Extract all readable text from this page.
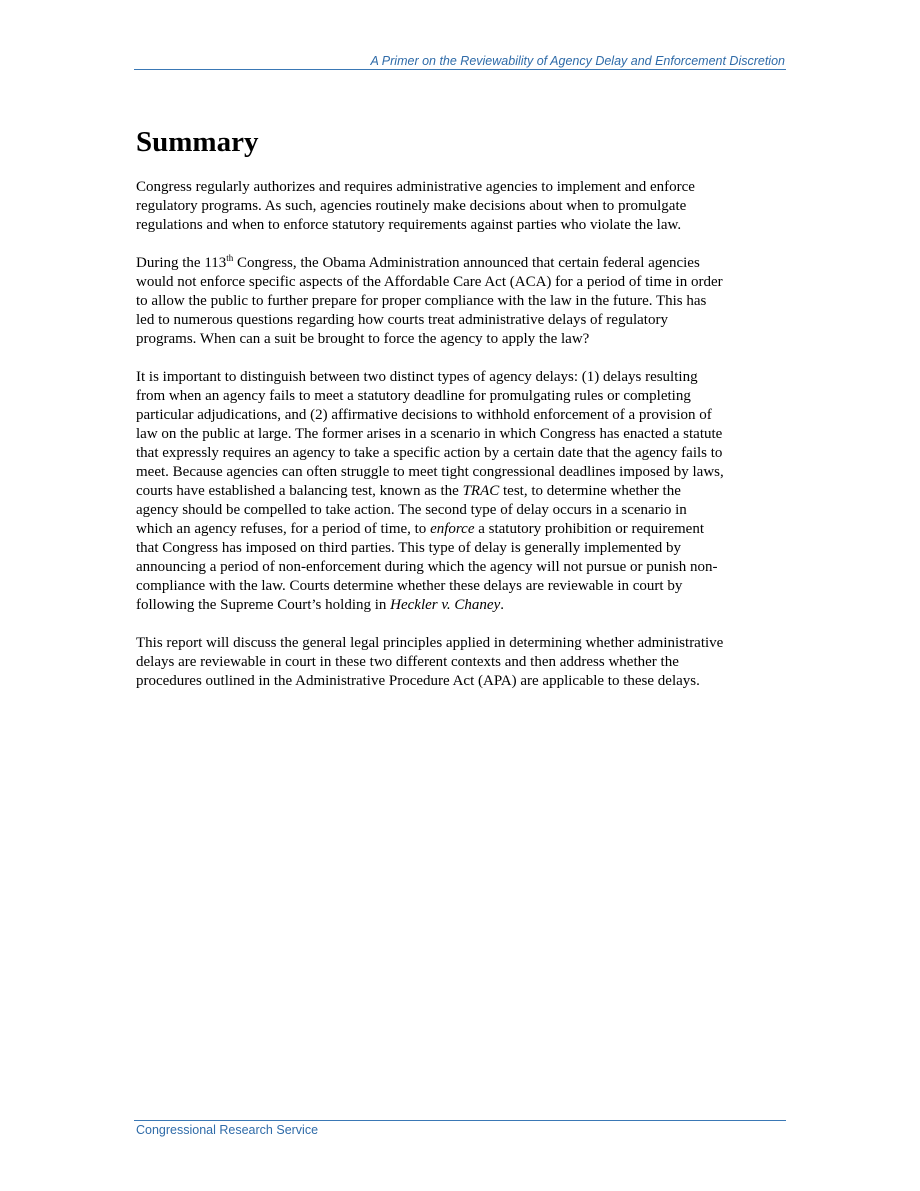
A Primer on the Reviewability of Agency Delay and Enforcement Discretion
Summary

Congress regularly authorizes and requires administrative agencies to implement and enforce
regulatory programs. As such, agencies routinely make decisions about when to promulgate
regulations and when to enforce statutory requirements against parties who violate the law.

During the 113th Congress, the Obama Administration announced that certain federal agencies
would not enforce specific aspects of the Affordable Care Act (ACA) for a period of time in order
to allow the public to further prepare for proper compliance with the law in the future. This has
led to numerous questions regarding how courts treat administrative delays of regulatory
programs. When can a suit be brought to force the agency to apply the law?

It is important to distinguish between two distinct types of agency delays: (1) delays resulting
from when an agency fails to meet a statutory deadline for promulgating rules or completing
particular adjudications, and (2) affirmative decisions to withhold enforcement of a provision of
law on the public at large. The former arises in a scenario in which Congress has enacted a statute
that expressly requires an agency to take a specific action by a certain date that the agency fails to
meet. Because agencies can often struggle to meet tight congressional deadlines imposed by laws,
courts have established a balancing test, known as the TRAC test, to determine whether the
agency should be compelled to take action. The second type of delay occurs in a scenario in
which an agency refuses, for a period of time, to enforce a statutory prohibition or requirement
that Congress has imposed on third parties. This type of delay is generally implemented by
announcing a period of non-enforcement during which the agency will not pursue or punish non-
compliance with the law. Courts determine whether these delays are reviewable in court by
following the Supreme Court’s holding in Heckler v. Chaney.

This report will discuss the general legal principles applied in determining whether administrative
delays are reviewable in court in these two different contexts and then address whether the
procedures outlined in the Administrative Procedure Act (APA) are applicable to these delays.

Congressional Research Service
